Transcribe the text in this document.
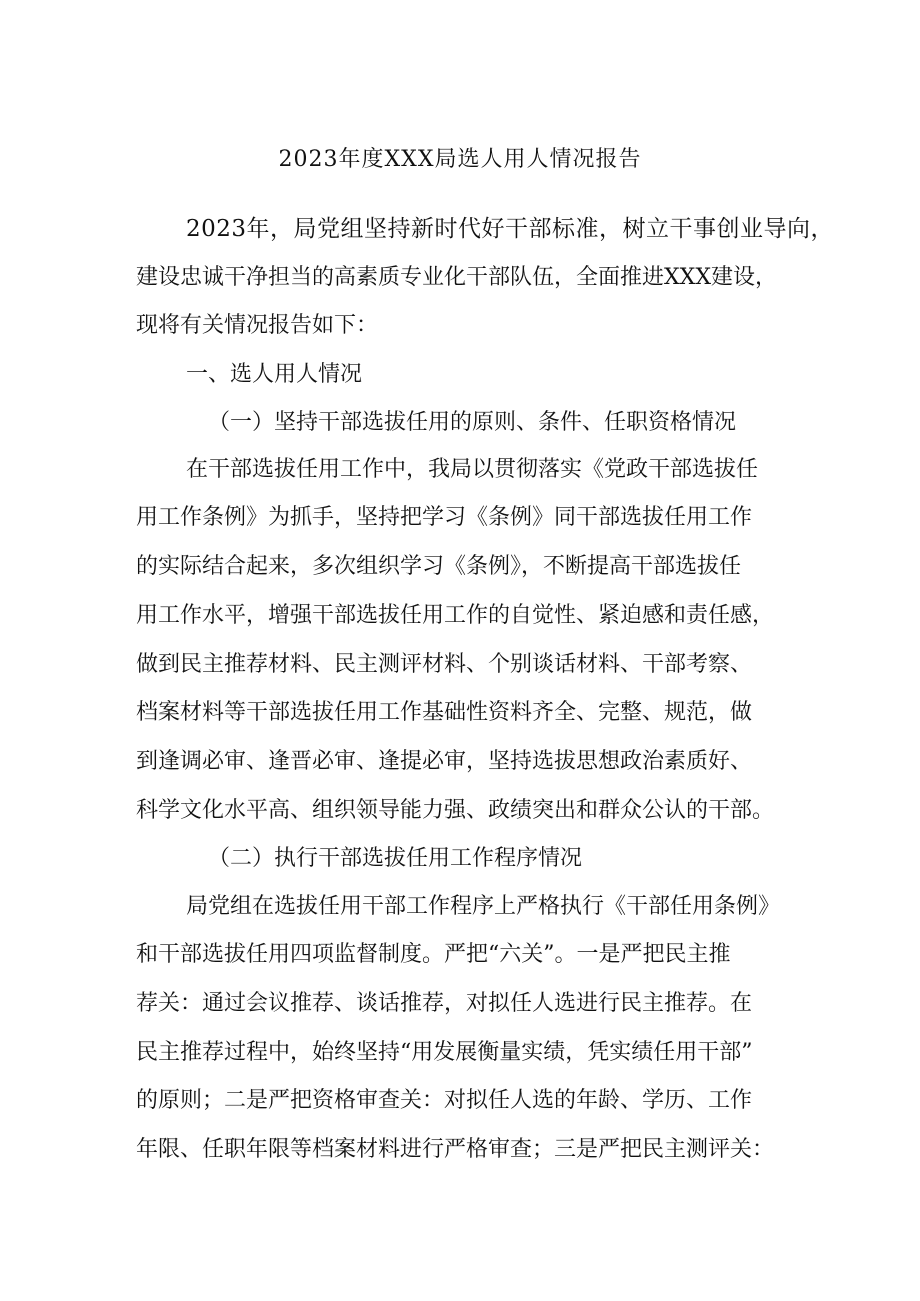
2023年度XXX局选人用人情况报告
2023年，局党组坚持新时代好干部标准，树立干事创业导向，
建设忠诚干净担当的高素质专业化干部队伍，全面推进XXX建设，
现将有关情况报告如下：
一、选人用人情况
（一）坚持干部选拔任用的原则、条件、任职资格情况
在干部选拔任用工作中，我局以贯彻落实《党政干部选拔任
用工作条例》为抓手，坚持把学习《条例》同干部选拔任用工作
的实际结合起来，多次组织学习《条例》，不断提高干部选拔任
用工作水平，增强干部选拔任用工作的自觉性、紧迫感和责任感，
做到民主推荐材料、民主测评材料、个别谈话材料、干部考察、
档案材料等干部选拔任用工作基础性资料齐全、完整、规范，做
到逢调必审、逢晋必审、逢提必审，坚持选拔思想政治素质好、
科学文化水平高、组织领导能力强、政绩突出和群众公认的干部。
（二）执行干部选拔任用工作程序情况
局党组在选拔任用干部工作程序上严格执行《干部任用条例》
和干部选拔任用四项监督制度。严把“六关”。一是严把民主推
荐关：通过会议推荐、谈话推荐，对拟任人选进行民主推荐。在
民主推荐过程中，始终坚持“用发展衡量实绩，凭实绩任用干部”
的原则；二是严把资格审查关：对拟任人选的年龄、学历、工作
年限、任职年限等档案材料进行严格审查；三是严把民主测评关：
